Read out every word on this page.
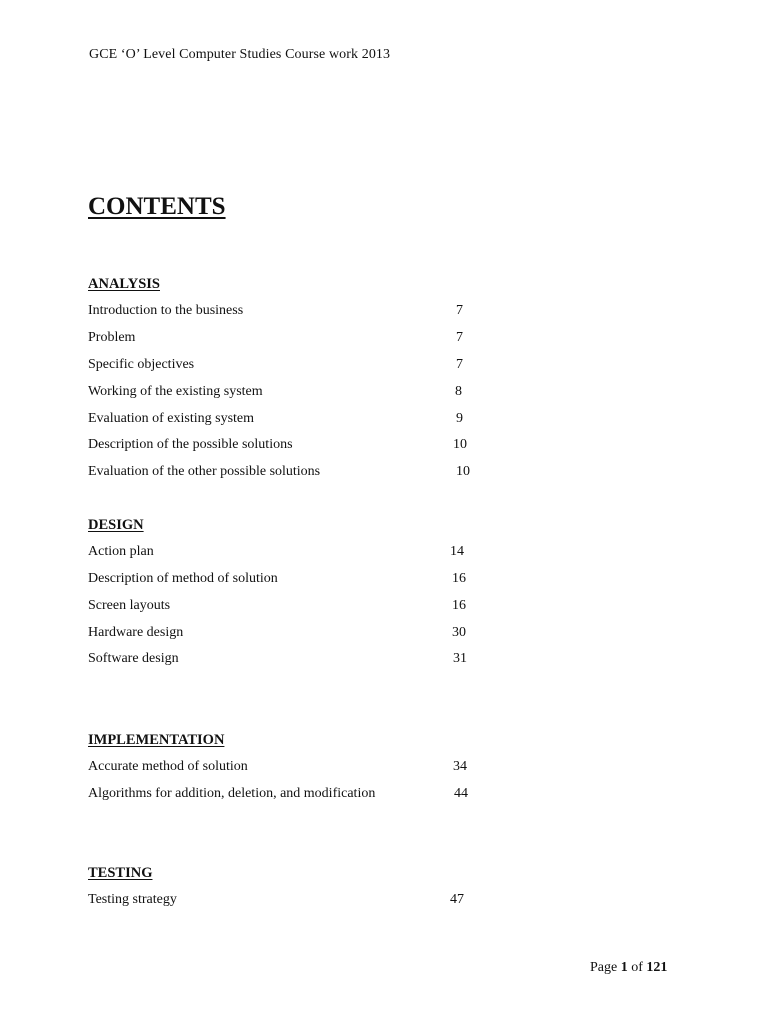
GCE ‘O’ Level Computer Studies Course work 2013
CONTENTS
ANALYSIS
Introduction to the business	7
Problem	7
Specific objectives	7
Working of the existing system	8
Evaluation of existing system	9
Description of the possible solutions	10
Evaluation of the other possible solutions	10
DESIGN
Action plan	14
Description of method of solution	16
Screen layouts	16
Hardware design	30
Software design	31
IMPLEMENTATION
Accurate method of solution	34
Algorithms for addition, deletion, and modification	44
TESTING
Testing strategy	47
Page 1 of 121
